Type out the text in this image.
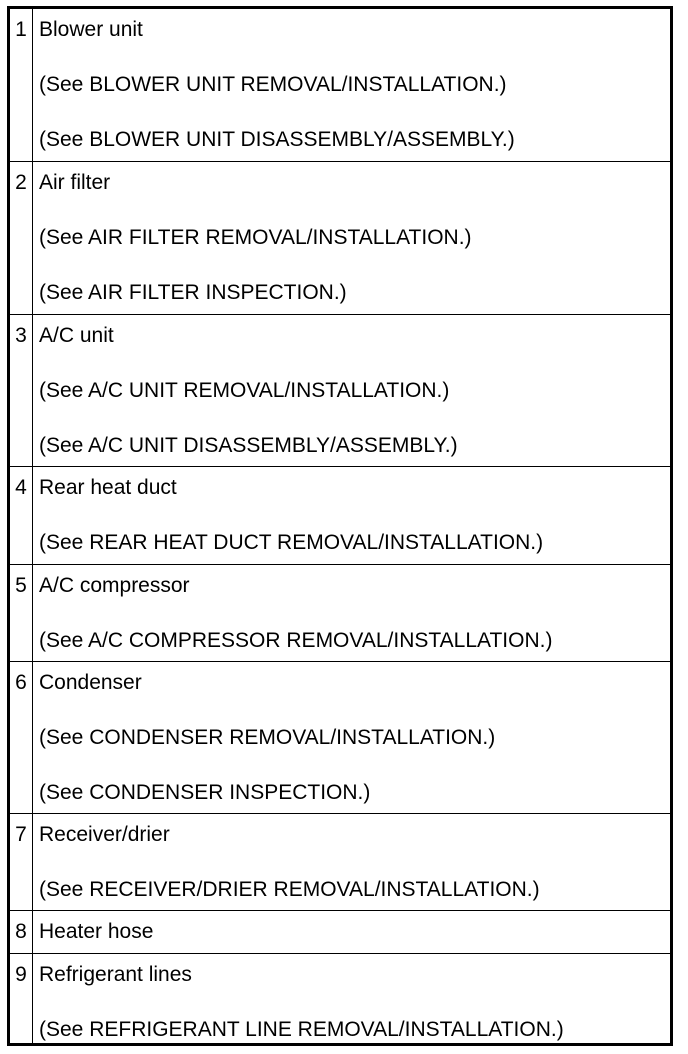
1 Blower unit
(See BLOWER UNIT REMOVAL/INSTALLATION.)
(See BLOWER UNIT DISASSEMBLY/ASSEMBLY.)
2 Air filter
(See AIR FILTER REMOVAL/INSTALLATION.)
(See AIR FILTER INSPECTION.)
3 A/C unit
(See A/C UNIT REMOVAL/INSTALLATION.)
(See A/C UNIT DISASSEMBLY/ASSEMBLY.)
4 Rear heat duct
(See REAR HEAT DUCT REMOVAL/INSTALLATION.)
5 A/C compressor
(See A/C COMPRESSOR REMOVAL/INSTALLATION.)
6 Condenser
(See CONDENSER REMOVAL/INSTALLATION.)
(See CONDENSER INSPECTION.)
7 Receiver/drier
(See RECEIVER/DRIER REMOVAL/INSTALLATION.)
8 Heater hose
9 Refrigerant lines
(See REFRIGERANT LINE REMOVAL/INSTALLATION.)
